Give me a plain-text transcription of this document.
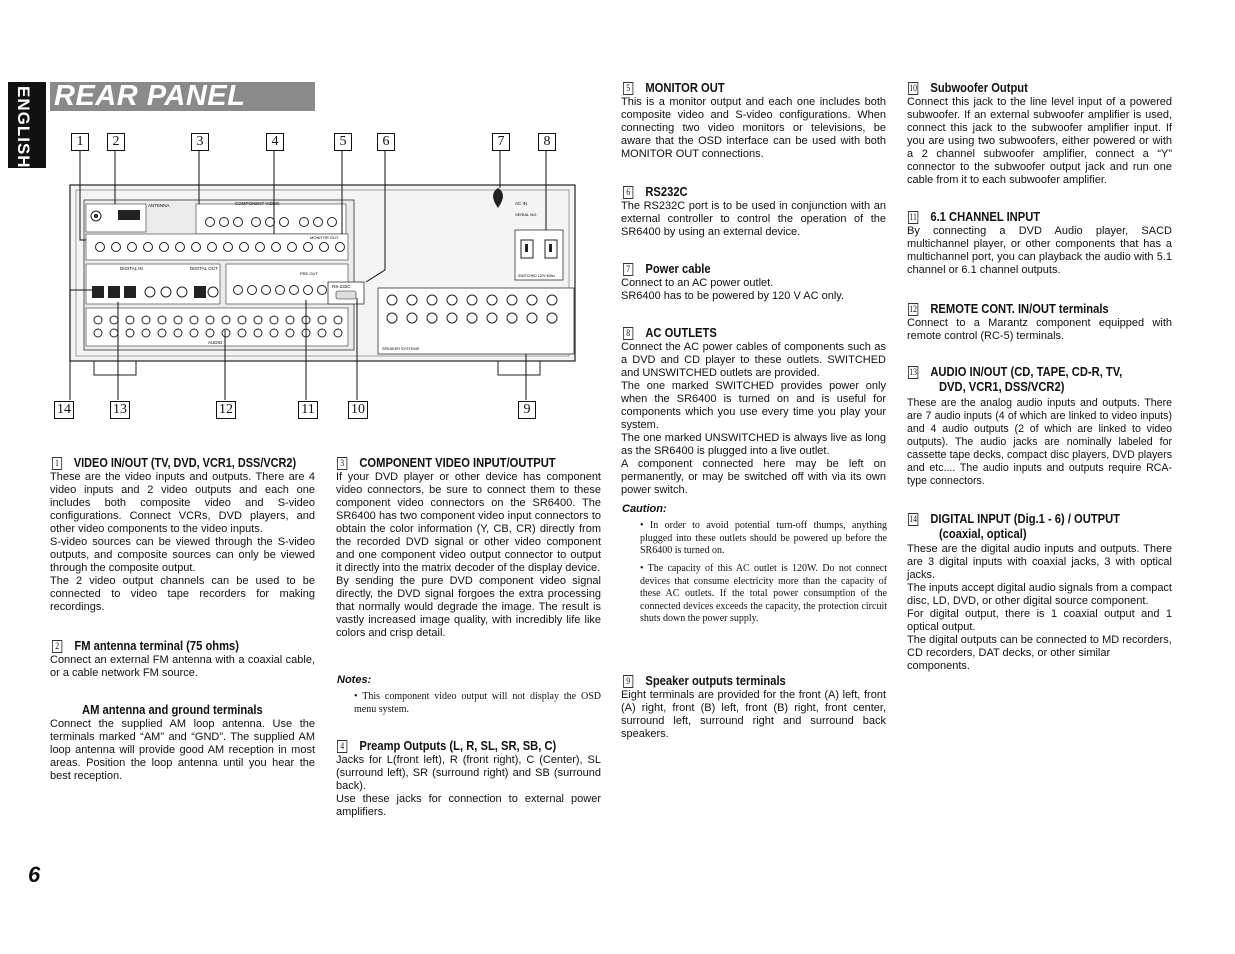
ENGLISH REAR PANEL
ANTENNA	COMPONENT VIDEO
MONITOR OUT
DIGITAL IN	DIGITAL OUT
PRE OUT
AUDIO
RS-232C
AC IN
SERIAL NO.
SWITCHED 120V 60Hz
SPEAKER SYSTEMS
1	2	3	4	5	6	7	8
14	13	12	11	10	9
1 VIDEO IN/OUT (TV, DVD, VCR1, DSS/VCR2)

These are the video inputs and outputs. There are 4 video inputs and 2 video outputs and each one includes both composite video and S-video configurations. Connect VCRs, DVD players, and other video components to the video inputs.

S-video sources can be viewed through the S-video outputs, and composite sources can only be viewed through the composite output.

The 2 video output channels can be used to be connected to video tape recorders for making recordings.

2 FM antenna terminal (75 ohms)

Connect an external FM antenna with a coaxial cable, or a cable network FM source.

AM antenna and ground terminals

Connect the supplied AM loop antenna. Use the terminals marked “AM” and “GND”. The supplied AM loop antenna will provide good AM reception in most areas. Position the loop antenna until you hear the best reception.

3 COMPONENT VIDEO INPUT/OUTPUT

If your DVD player or other device has component video connectors, be sure to connect them to these component video connectors on the SR6400. The SR6400 has two component video input connectors to obtain the color information (Y, CB, CR) directly from the recorded DVD signal or other video component and one component video output connector to output it directly into the matrix decoder of the display device.

By sending the pure DVD component video signal directly, the DVD signal forgoes the extra processing that normally would degrade the image. The result is vastly increased image quality, with incredibly life like colors and crisp detail.

Notes:
• This component video output will not display the OSD menu system.
4 Preamp Outputs (L, R, SL, SR, SB, C)

Jacks for L(front left), R (front right), C (Center), SL (surround left), SR (surround right) and SB (surround back).

Use these jacks for connection to external power amplifiers.

5 MONITOR OUT

This is a monitor output and each one includes both composite video and S-video configurations. When connecting two video monitors or televisions, be aware that the OSD interface can be used with both MONITOR OUT connections.

6 RS232C

The RS232C port is to be used in conjunction with an external controller to control the operation of the SR6400 by using an external device.

7 Power cable

Connect to an AC power outlet.

SR6400 has to be powered by 120 V AC only.

8 AC OUTLETS

Connect the AC power cables of components such as a DVD and CD player to these outlets. SWITCHED and UNSWITCHED outlets are provided.

The one marked SWITCHED provides power only when the SR6400 is turned on and is useful for components which you use every time you play your system.

The one marked UNSWITCHED is always live as long as the SR6400 is plugged into a live outlet.

A component connected here may be left on permanently, or may be switched off with via its own power switch.

Caution:
• In order to avoid potential turn-off thumps, anything plugged into these outlets should be powered up before the SR6400 is turned on.
• The capacity of this AC outlet is 120W. Do not connect devices that consume electricity more than the capacity of these AC outlets. If the total power consumption of the connected devices exceeds the capacity, the protection circuit shuts down the power supply.
9 Speaker outputs terminals

Eight terminals are provided for the front (A) left, front (A) right, front (B) left, front (B) right, front center, surround left, surround right and surround back speakers.

10 Subwoofer Output

Connect this jack to the line level input of a powered subwoofer. If an external subwoofer amplifier is used, connect this jack to the subwoofer amplifier input. If you are using two subwoofers, either powered or with a 2 channel subwoofer amplifier, connect a “Y” connector to the subwoofer output jack and run one cable from it to each subwoofer amplifier.

11 6.1 CHANNEL INPUT

By connecting a DVD Audio player, SACD multichannel player, or other components that has a multichannel port, you can playback the audio with 5.1 channel or 6.1 channel outputs.

12 REMOTE CONT. IN/OUT terminals

Connect to a Marantz component equipped with remote control (RC-5) terminals.

13 AUDIO IN/OUT (CD, TAPE, CD-R, TV,
DVD, VCR1, DSS/VCR2)

These are the analog audio inputs and outputs. There are 7 audio inputs (4 of which are linked to video inputs) and 4 audio outputs (2 of which are linked to video outputs). The audio jacks are nominally labeled for cassette tape decks, compact disc players, DVD players and etc.... The audio inputs and outputs require RCA-type connectors.

14 DIGITAL INPUT (Dig.1 - 6) / OUTPUT
(coaxial, optical)

These are the digital audio inputs and outputs. There are 3 digital inputs with coaxial jacks, 3 with optical jacks.

The inputs accept digital audio signals from a compact disc, LD, DVD, or other digital source component.

For digital output, there is 1 coaxial output and 1 optical output.

The digital outputs can be connected to MD recorders, CD recorders, DAT decks, or other similar components.

6
